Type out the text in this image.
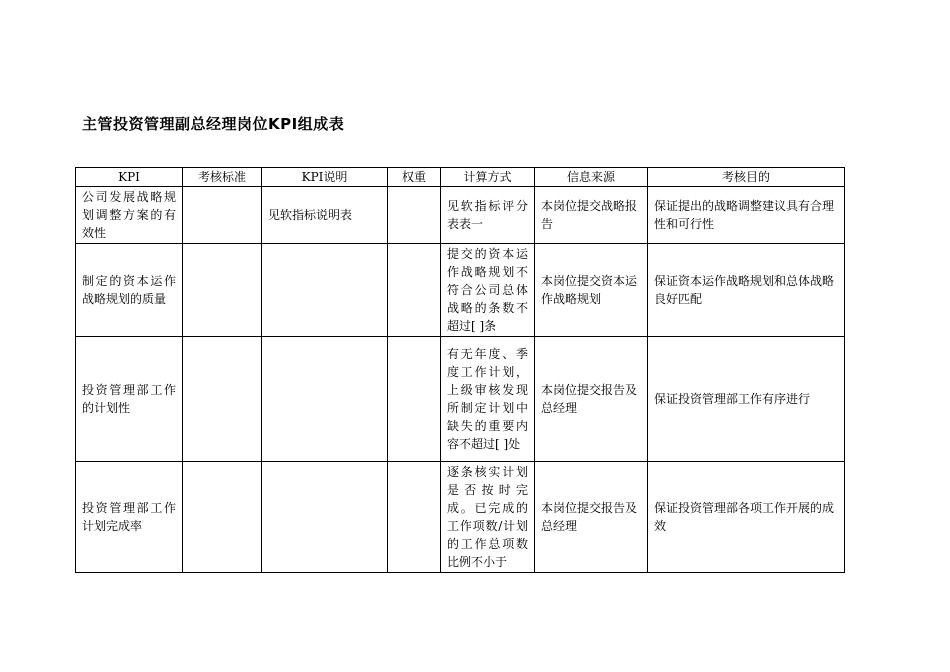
主管投资管理副总经理岗位KPI组成表
KPI	考核标准	KPI说明	权重	计算方式	信息来源	考核目的
公司发展战略规划调整方案的有效性		见软指标说明表		见软指标评分表表一	本岗位提交战略报告	保证提出的战略调整建议具有合理性和可行性
制定的资本运作战略规划的质量				提交的资本运作战略规划不符合公司总体战略的条数不超过[ ]条	本岗位提交资本运作战略规划	保证资本运作战略规划和总体战略良好匹配
投资管理部工作的计划性				有无年度、季度工作计划，上级审核发现所制定计划中缺失的重要内容不超过[ ]处	本岗位提交报告及总经理	保证投资管理部工作有序进行
投资管理部工作计划完成率				逐条核实计划是否按时完成。已完成的工作项数/计划的工作总项数比例不小于	本岗位提交报告及总经理	保证投资管理部各项工作开展的成效
